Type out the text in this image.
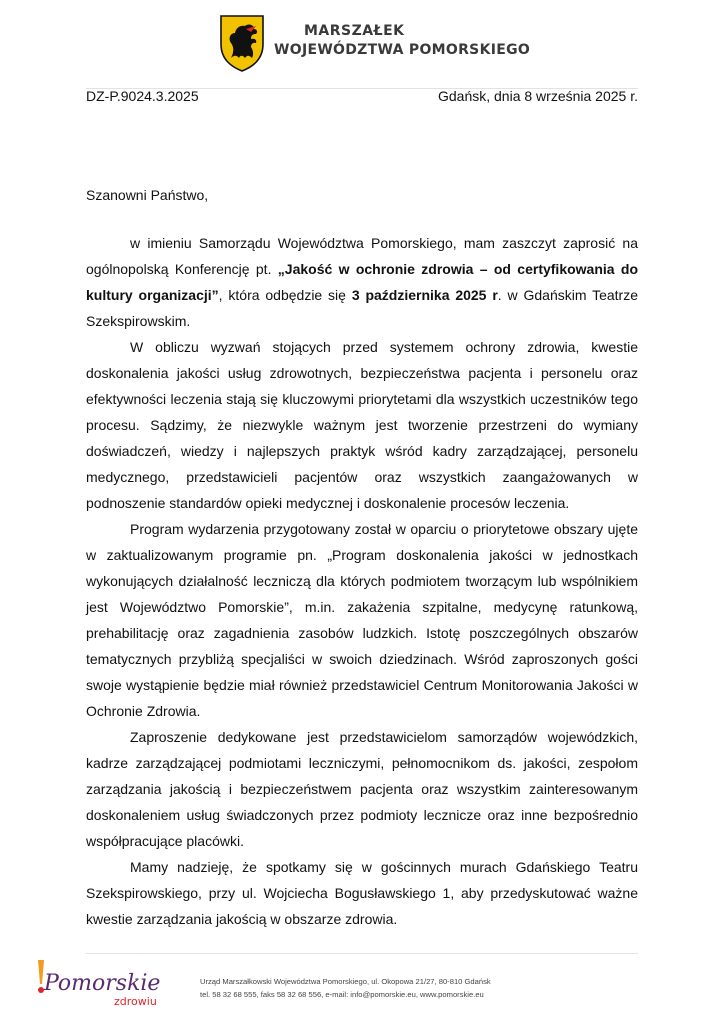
MARSZAŁEK
WOJEWÓDZTWA POMORSKIEGO
DZ-P.9024.3.2025	Gdańsk, dnia 8 września 2025 r.

Szanowni Państwo,

w imieniu Samorządu Województwa Pomorskiego, mam zaszczyt zaprosić na ogólnopolską Konferencję pt. „Jakość w ochronie zdrowia – od certyfikowania do kultury organizacji”, która odbędzie się 3 października 2025 r. w Gdańskim Teatrze Szekspirowskim.

W obliczu wyzwań stojących przed systemem ochrony zdrowia, kwestie doskonalenia jakości usług zdrowotnych, bezpieczeństwa pacjenta i personelu oraz efektywności leczenia stają się kluczowymi priorytetami dla wszystkich uczestników tego procesu. Sądzimy, że niezwykle ważnym jest tworzenie przestrzeni do wymiany doświadczeń, wiedzy i najlepszych praktyk wśród kadry zarządzającej, personelu medycznego, przedstawicieli pacjentów oraz wszystkich zaangażowanych w podnoszenie standardów opieki medycznej i doskonalenie procesów leczenia.

Program wydarzenia przygotowany został w oparciu o priorytetowe obszary ujęte w zaktualizowanym programie pn. „Program doskonalenia jakości w jednostkach wykonujących działalność leczniczą dla których podmiotem tworzącym lub wspólnikiem jest Województwo Pomorskie”, m.in. zakażenia szpitalne, medycynę ratunkową, prehabilitację oraz zagadnienia zasobów ludzkich. Istotę poszczególnych obszarów tematycznych przybliżą specjaliści w swoich dziedzinach. Wśród zaproszonych gości swoje wystąpienie będzie miał również przedstawiciel Centrum Monitorowania Jakości w Ochronie Zdrowia.

Zaproszenie dedykowane jest przedstawicielom samorządów wojewódzkich, kadrze zarządzającej podmiotami leczniczymi, pełnomocnikom ds. jakości, zespołom zarządzania jakością i bezpieczeństwem pacjenta oraz wszystkim zainteresowanym doskonaleniem usług świadczonych przez podmioty lecznicze oraz inne bezpośrednio współpracujące placówki.

Mamy nadzieję, że spotkamy się w gościnnych murach Gdańskiego Teatru Szekspirowskiego, przy ul. Wojciecha Bogusławskiego 1, aby przedyskutować ważne kwestie zarządzania jakością w obszarze zdrowia.

Pomorskie
zdrowiu
Urząd Marszałkowski Województwa Pomorskiego, ul. Okopowa 21/27, 80-810 Gdańsk
tel. 58 32 68 555, faks 58 32 68 556, e-mail: info@pomorskie.eu, www.pomorskie.eu
